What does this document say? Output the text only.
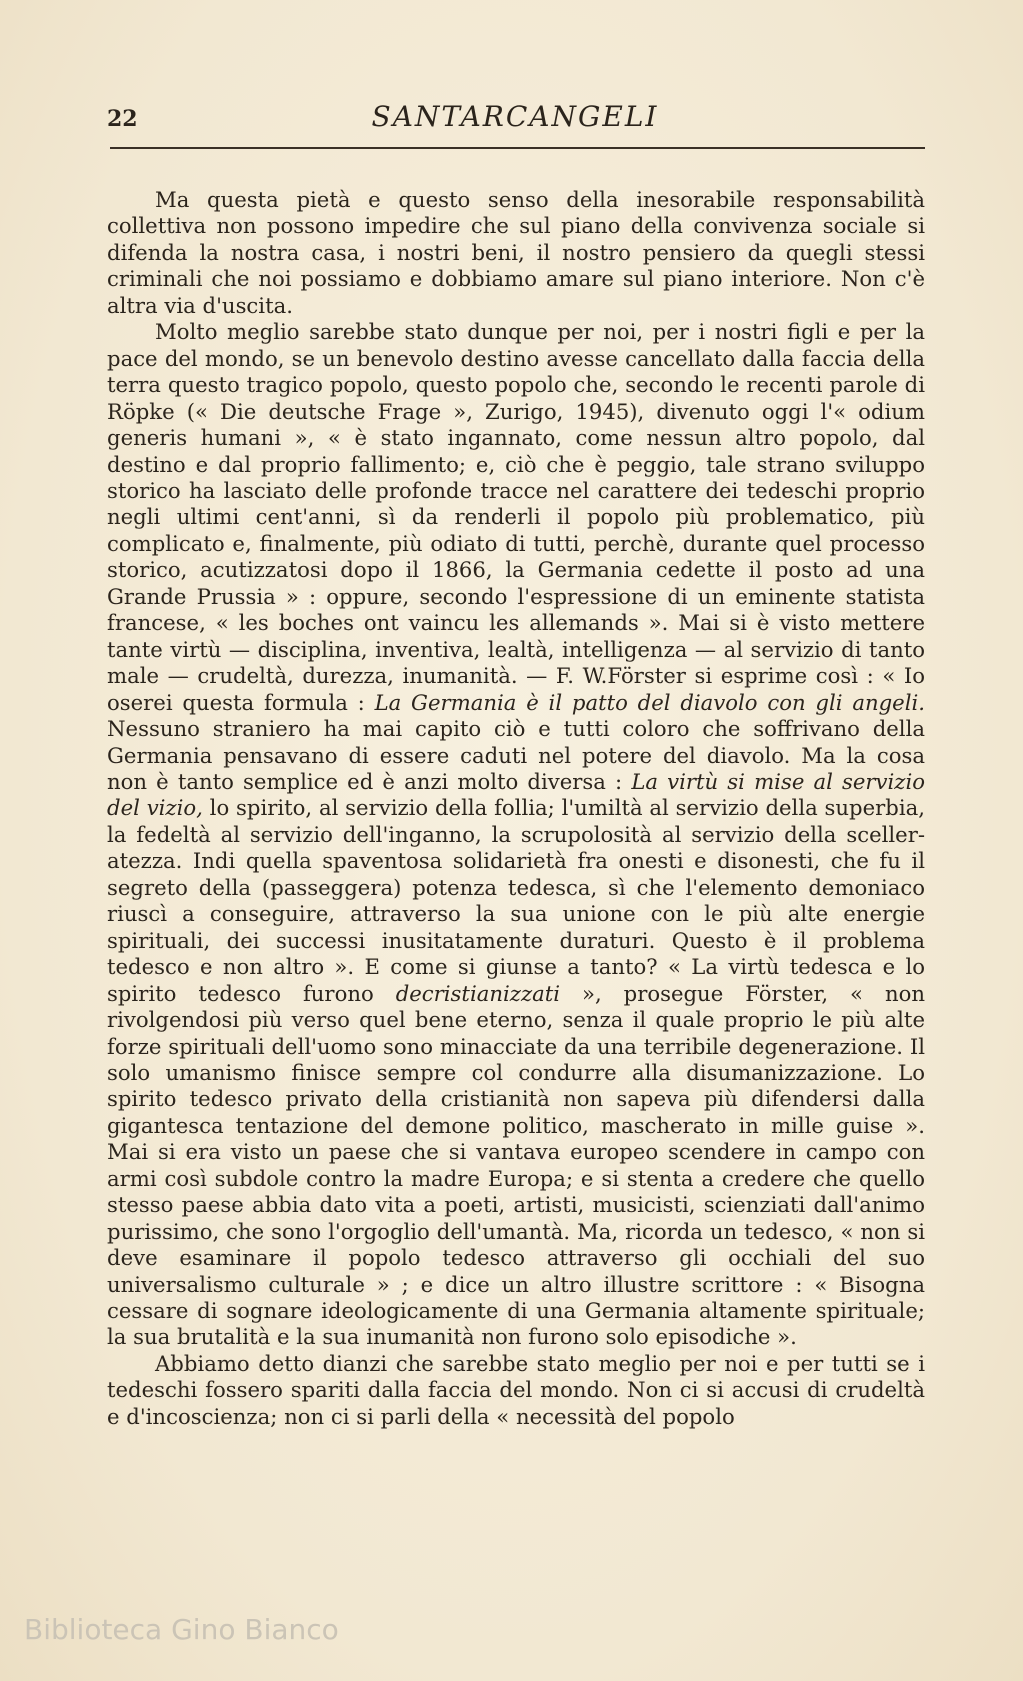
22	SANTARCANGELI

Ma questa pietà e questo senso della inesorabile responsabilità collettiva non possono impedire che sul piano della convivenza sociale si difenda la nostra casa, i nostri beni, il nostro pensiero da quegli stessi criminali che noi possiamo e dobbiamo amare sul piano interiore. Non c'è altra via d'uscita.

Molto meglio sarebbe stato dunque per noi, per i nostri figli e per la pace del mondo, se un benevolo destino avesse cancellato dalla faccia della terra questo tragico popolo, questo popolo che, secondo le recenti parole di Röpke (« Die deutsche Frage », Zurigo, 1945), divenuto oggi l'« odium generis humani », « è stato ingannato, come nessun altro popolo, dal destino e dal proprio fallimento; e, ciò che è peggio, tale strano sviluppo storico ha lasciato delle profonde tracce nel carattere dei tedeschi proprio negli ultimi cent'anni, sì da renderli il popolo più problematico, più complicato e, finalmente, più odiato di tutti, perchè, durante quel processo storico, acutizzatosi dopo il 1866, la Germania cedette il posto ad una Grande Prussia » : oppure, secondo l'espressione di un eminente statista francese, « les boches ont vaincu les allemands ». Mai si è visto mettere tante virtù — disciplina, inventiva, lealtà, intelligenza — al servizio di tanto male — crudeltà, durezza, inumanità. — F. W.Förster si esprime così : « Io oserei questa formula : La Germania è il patto del diavolo con gli angeli. Nessuno straniero ha mai capito ciò e tutti coloro che soffrivano della Germania pensavano di essere caduti nel potere del diavolo. Ma la cosa non è tanto semplice ed è anzi molto diversa : La virtù si mise al servizio del vizio, lo spirito, al servizio della follia; l'umiltà al servizio della superbia, la fedeltà al servizio dell'inganno, la scrupolosità al servizio della scelleratezza. Indi quella spaventosa solidarietà fra onesti e disonesti, che fu il segreto della (passeggera) potenza tedesca, sì che l'elemento demoniaco riuscì a conseguire, attraverso la sua unione con le più alte energie spirituali, dei successi inusitatamente duraturi. Questo è il problema tedesco e non altro ». E come si giunse a tanto? « La virtù tedesca e lo spirito tedesco furono decristianizzati », prosegue Förster, « non rivolgendosi più verso quel bene eterno, senza il quale proprio le più alte forze spirituali dell'uomo sono minacciate da una terribile degenerazione. Il solo umanismo finisce sempre col condurre alla disumanizzazione. Lo spirito tedesco privato della cristianità non sapeva più difendersi dalla gigantesca tentazione del demone politico, mascherato in mille guise ». Mai si era visto un paese che si vantava europeo scendere in campo con armi così subdole contro la madre Europa; e si stenta a credere che quello stesso paese abbia dato vita a poeti, artisti, musicisti, scienziati dall'animo purissimo, che sono l'orgoglio dell'umantà. Ma, ricorda un tedesco, « non si deve esaminare il popolo tedesco attraverso gli occhiali del suo universalismo culturale » ; e dice un altro illustre scrittore : « Bisogna cessare di sognare ideologicamente di una Germania altamente spirituale; la sua brutalità e la sua inumanità non furono solo episodiche ».

Abbiamo detto dianzi che sarebbe stato meglio per noi e per tutti se i tedeschi fossero spariti dalla faccia del mondo. Non ci si accusi di crudeltà e d'incoscienza; non ci si parli della « necessità del popolo

Biblioteca Gino Bianco
